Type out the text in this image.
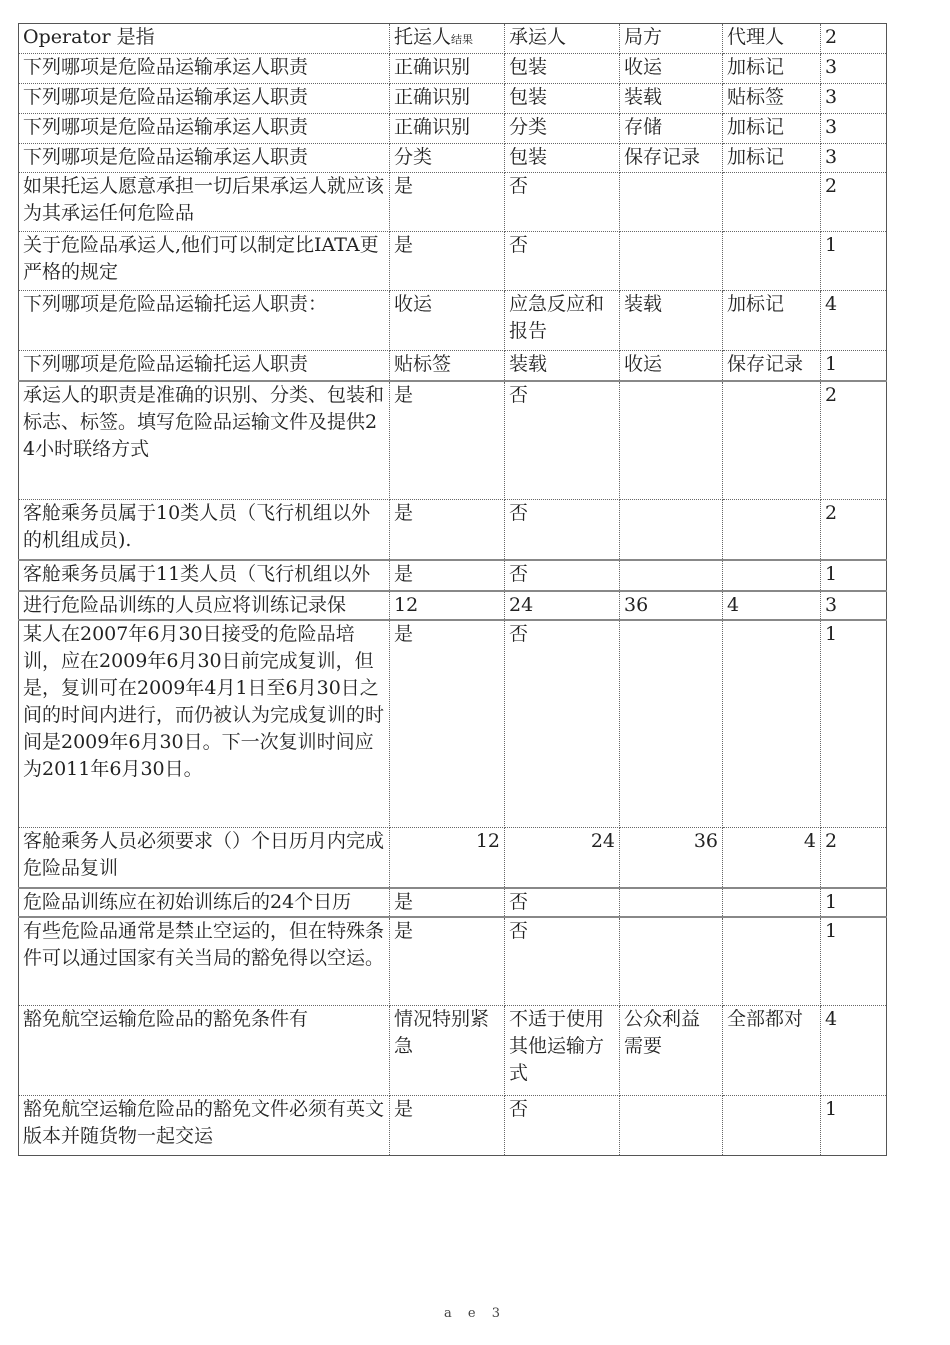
Operator 是指	托运人结果	承运人	局方	代理人	2
下列哪项是危险品运输承运人职责	正确识别	包装	收运	加标记	3
下列哪项是危险品运输承运人职责	正确识别	包装	装载	贴标签	3
下列哪项是危险品运输承运人职责	正确识别	分类	存储	加标记	3
下列哪项是危险品运输承运人职责	分类	包装	保存记录	加标记	3
如果托运人愿意承担一切后果承运人就应该为其承运任何危险品	是	否			2
关于危险品承运人,他们可以制定比IATA更严格的规定	是	否			1
下列哪项是危险品运输托运人职责：	收运	应急反应和报告	装载	加标记	4
下列哪项是危险品运输托运人职责	贴标签	装载	收运	保存记录	1
承运人的职责是准确的识别、分类、包装和标志、标签。填写危险品运输文件及提供24小时联络方式	是	否			2
客舱乘务员属于10类人员（飞行机组以外的机组成员).	是	否			2
客舱乘务员属于11类人员（飞行机组以外	是	否			1
进行危险品训练的人员应将训练记录保	12	24	36	4	3
某人在2007年6月30日接受的危险品培训，应在2009年6月30日前完成复训，但是，复训可在2009年4月1日至6月30日之间的时间内进行，而仍被认为完成复训的时间是2009年6月30日。下一次复训时间应为2011年6月30日。	是	否			1
客舱乘务人员必须要求（）个日历月内完成危险品复训	12	24	36	4	2
危险品训练应在初始训练后的24个日历	是	否			1
有些危险品通常是禁止空运的，但在特殊条件可以通过国家有关当局的豁免得以空运。	是	否			1
豁免航空运输危险品的豁免条件有	情况特别紧急	不适于使用其他运输方式	公众利益需要	全部都对	4
豁免航空运输危险品的豁免文件必须有英文版本并随货物一起交运	是	否			1
a e 3
